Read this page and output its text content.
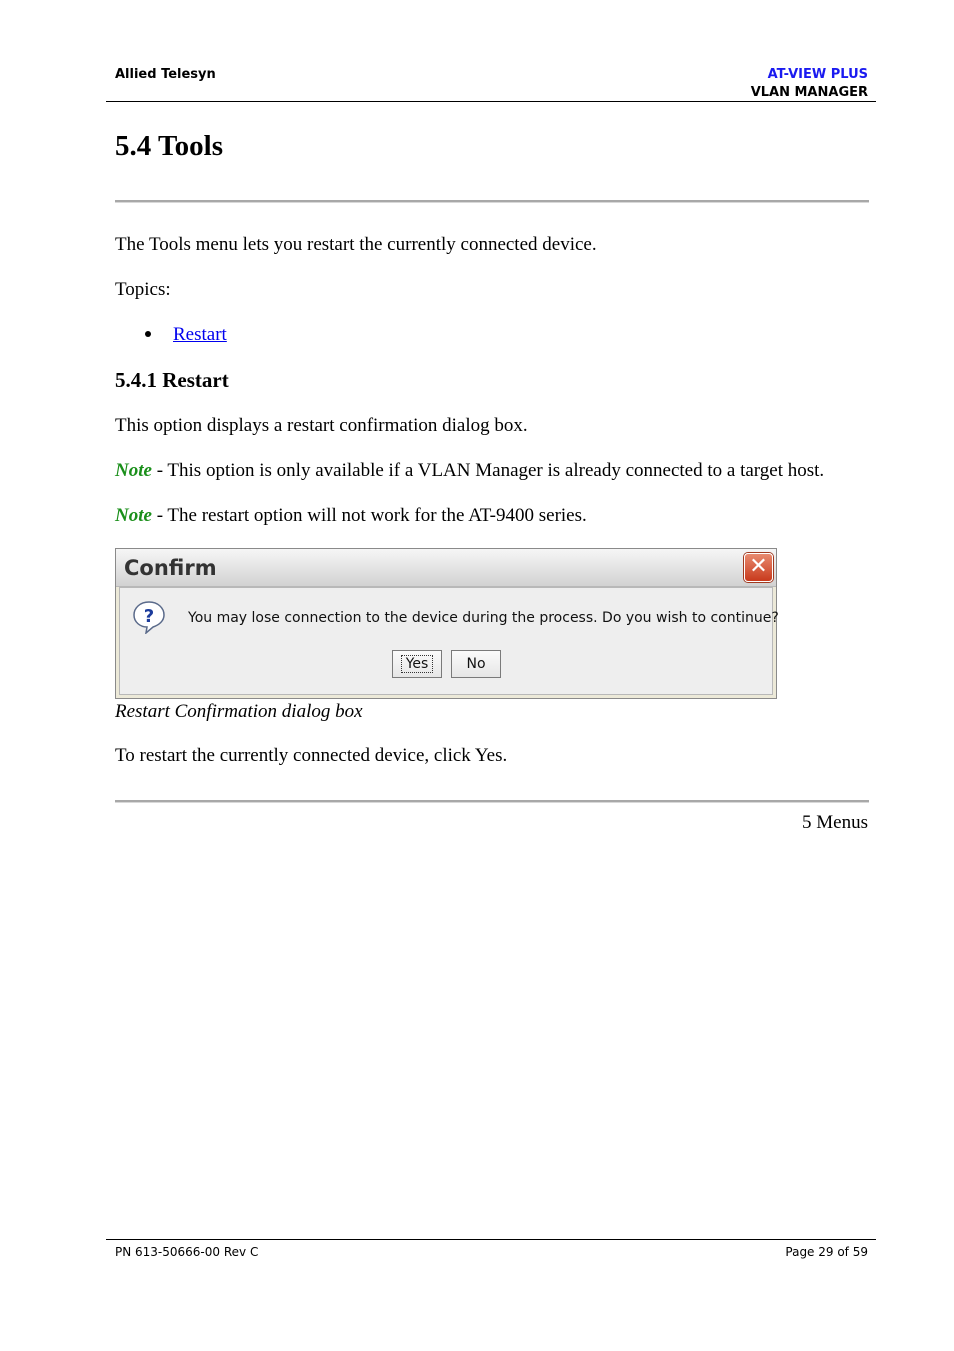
Allied Telesyn	AT-VIEW PLUS
VLAN MANAGER
5.4 Tools

The Tools menu lets you restart the currently connected device.

Topics:

Restart
5.4.1 Restart

This option displays a restart confirmation dialog box.

Note - This option is only available if a VLAN Manager is already connected to a target host.

Note - The restart option will not work for the AT-9400 series.

Confirm	✕
? You may lose connection to the device during the process. Do you wish to continue?
Yes	No
Restart Confirmation dialog box

To restart the currently connected device, click Yes.

5 Menus
PN 613-50666-00 Rev C	Page 29 of 59
